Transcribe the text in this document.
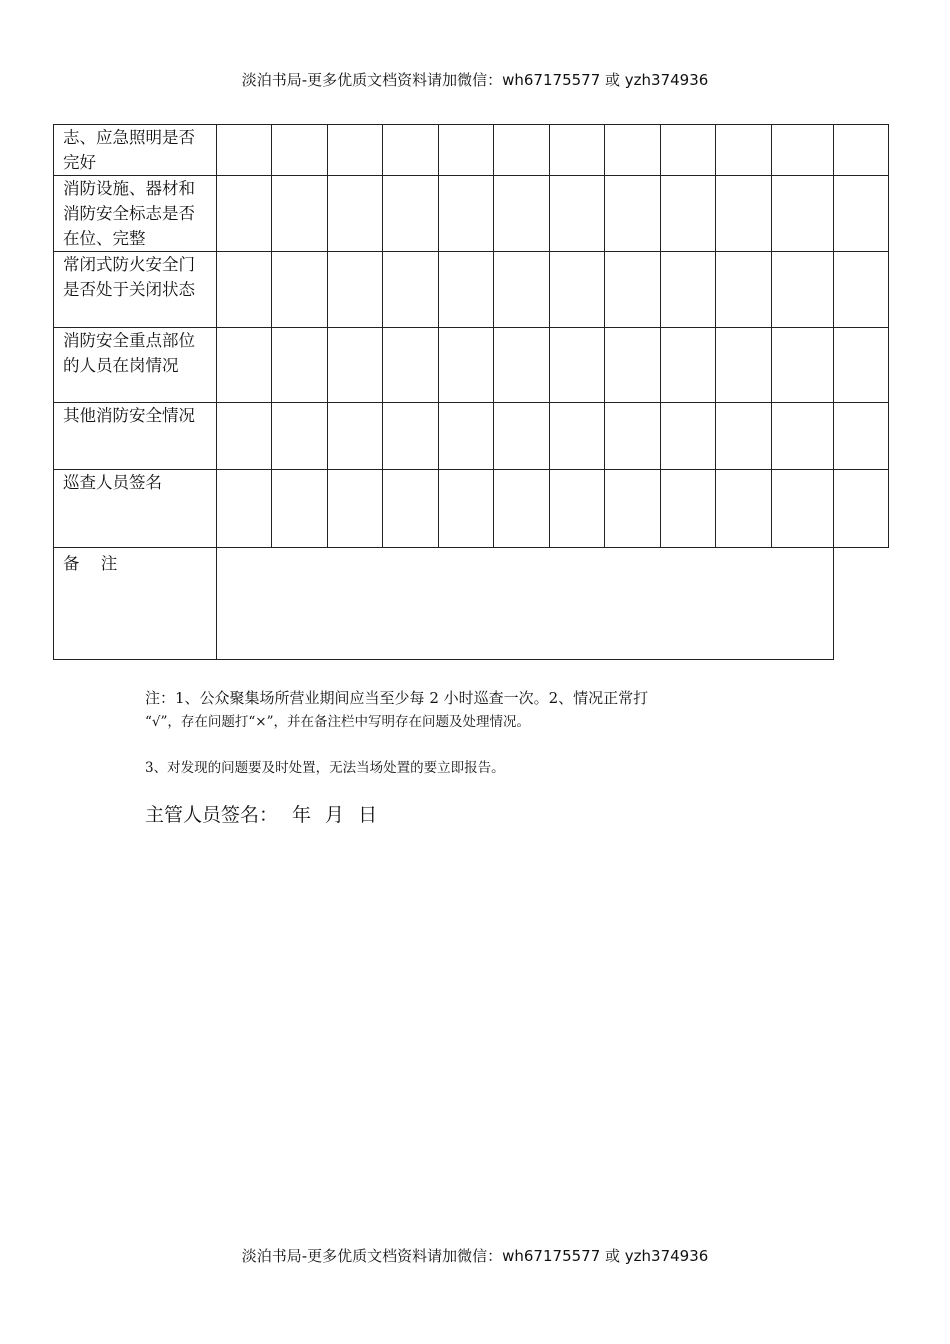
淡泊书局-更多优质文档资料请加微信：wh67175577 或 yzh374936
志、应急照明是否完好												
消防设施、器材和消防安全标志是否在位、完整												
常闭式防火安全门是否处于关闭状态												
消防安全重点部位的人员在岗情况												
其他消防安全情况												
巡查人员签名												
备 注												
注：1、公众聚集场所营业期间应当至少每 2 小时巡查一次。2、情况正常打
“√”，存在问题打“×”，并在备注栏中写明存在问题及处理情况。
3、对发现的问题要及时处置，无法当场处置的要立即报告。
主管人员签名： 年 月 日
淡泊书局-更多优质文档资料请加微信：wh67175577 或 yzh374936
